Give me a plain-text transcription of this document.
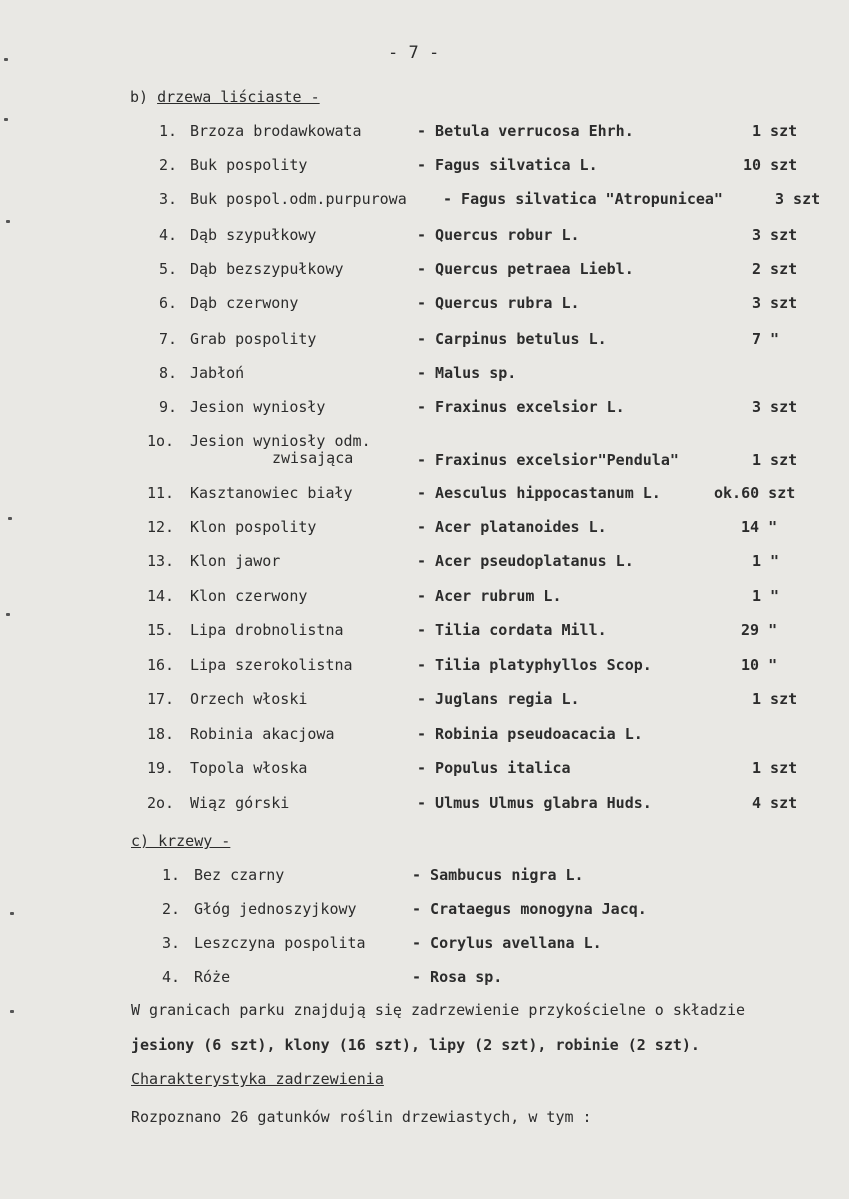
- 7 -
b) drzewa liściaste -
1. Brzoza brodawkowata	- Betula verrucosa Ehrh.	1 szt
2. Buk pospolity	- Fagus silvatica L.	10 szt
3. Buk pospol.odm.purpurowa - Fagus silvatica "Atropunicea"	3 szt
4. Dąb szypułkowy	- Quercus robur L.	3 szt
5. Dąb bezszypułkowy	- Quercus petraea Liebl.	2 szt
6. Dąb czerwony	- Quercus rubra L.	3 szt
7. Grab pospolity	- Carpinus betulus L.	7 "
8. Jabłoń	- Malus sp.
9. Jesion wyniosły	- Fraxinus excelsior L.	3 szt
1o. Jesion wyniosły odm.
zwisająca	- Fraxinus excelsior"Pendula"	1 szt
11. Kasztanowiec biały	- Aesculus hippocastanum L.	ok.60 szt
12. Klon pospolity	- Acer platanoides L.	14 "
13. Klon jawor	- Acer pseudoplatanus L.	1 "
14. Klon czerwony	- Acer rubrum L.	1 "
15. Lipa drobnolistna	- Tilia cordata Mill.	29 "
16. Lipa szerokolistna	- Tilia platyphyllos Scop.	10 "
17. Orzech włoski	- Juglans regia L.	1 szt
18. Robinia akacjowa	- Robinia pseudoacacia L.
19. Topola włoska	- Populus italica	1 szt
2o. Wiąz górski	- Ulmus Ulmus glabra Huds.	4 szt
c) krzewy -
1. Bez czarny	- Sambucus nigra L.
2. Głóg jednoszyjkowy	- Crataegus monogyna Jacq.
3. Leszczyna pospolita	- Corylus avellana L.
4. Róże	- Rosa sp.
W granicach parku znajdują się zadrzewienie przykościelne o składzie
jesiony (6 szt), klony (16 szt), lipy (2 szt), robinie (2 szt).
Charakterystyka zadrzewienia
Rozpoznano 26 gatunków roślin drzewiastych, w tym :
